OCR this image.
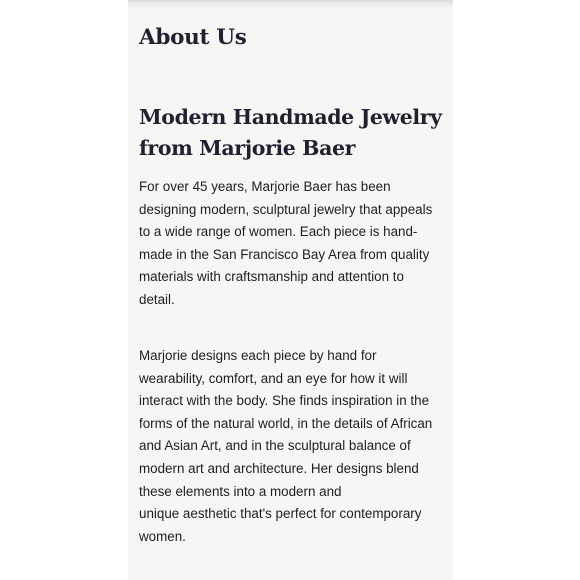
About Us
Modern Handmade Jewelry
from Marjorie Baer

For over 45 years, Marjorie Baer has been
designing modern, sculptural jewelry that appeals
to a wide range of women. Each piece is hand-
made in the San Francisco Bay Area from quality
materials with craftsmanship and attention to
detail.

Marjorie designs each piece by hand for
wearability, comfort, and an eye for how it will
interact with the body. She finds inspiration in the
forms of the natural world, in the details of African
and Asian Art, and in the sculptural balance of
modern art and architecture. Her designs blend
these elements into a modern and
unique aesthetic that's perfect for contemporary
women.
